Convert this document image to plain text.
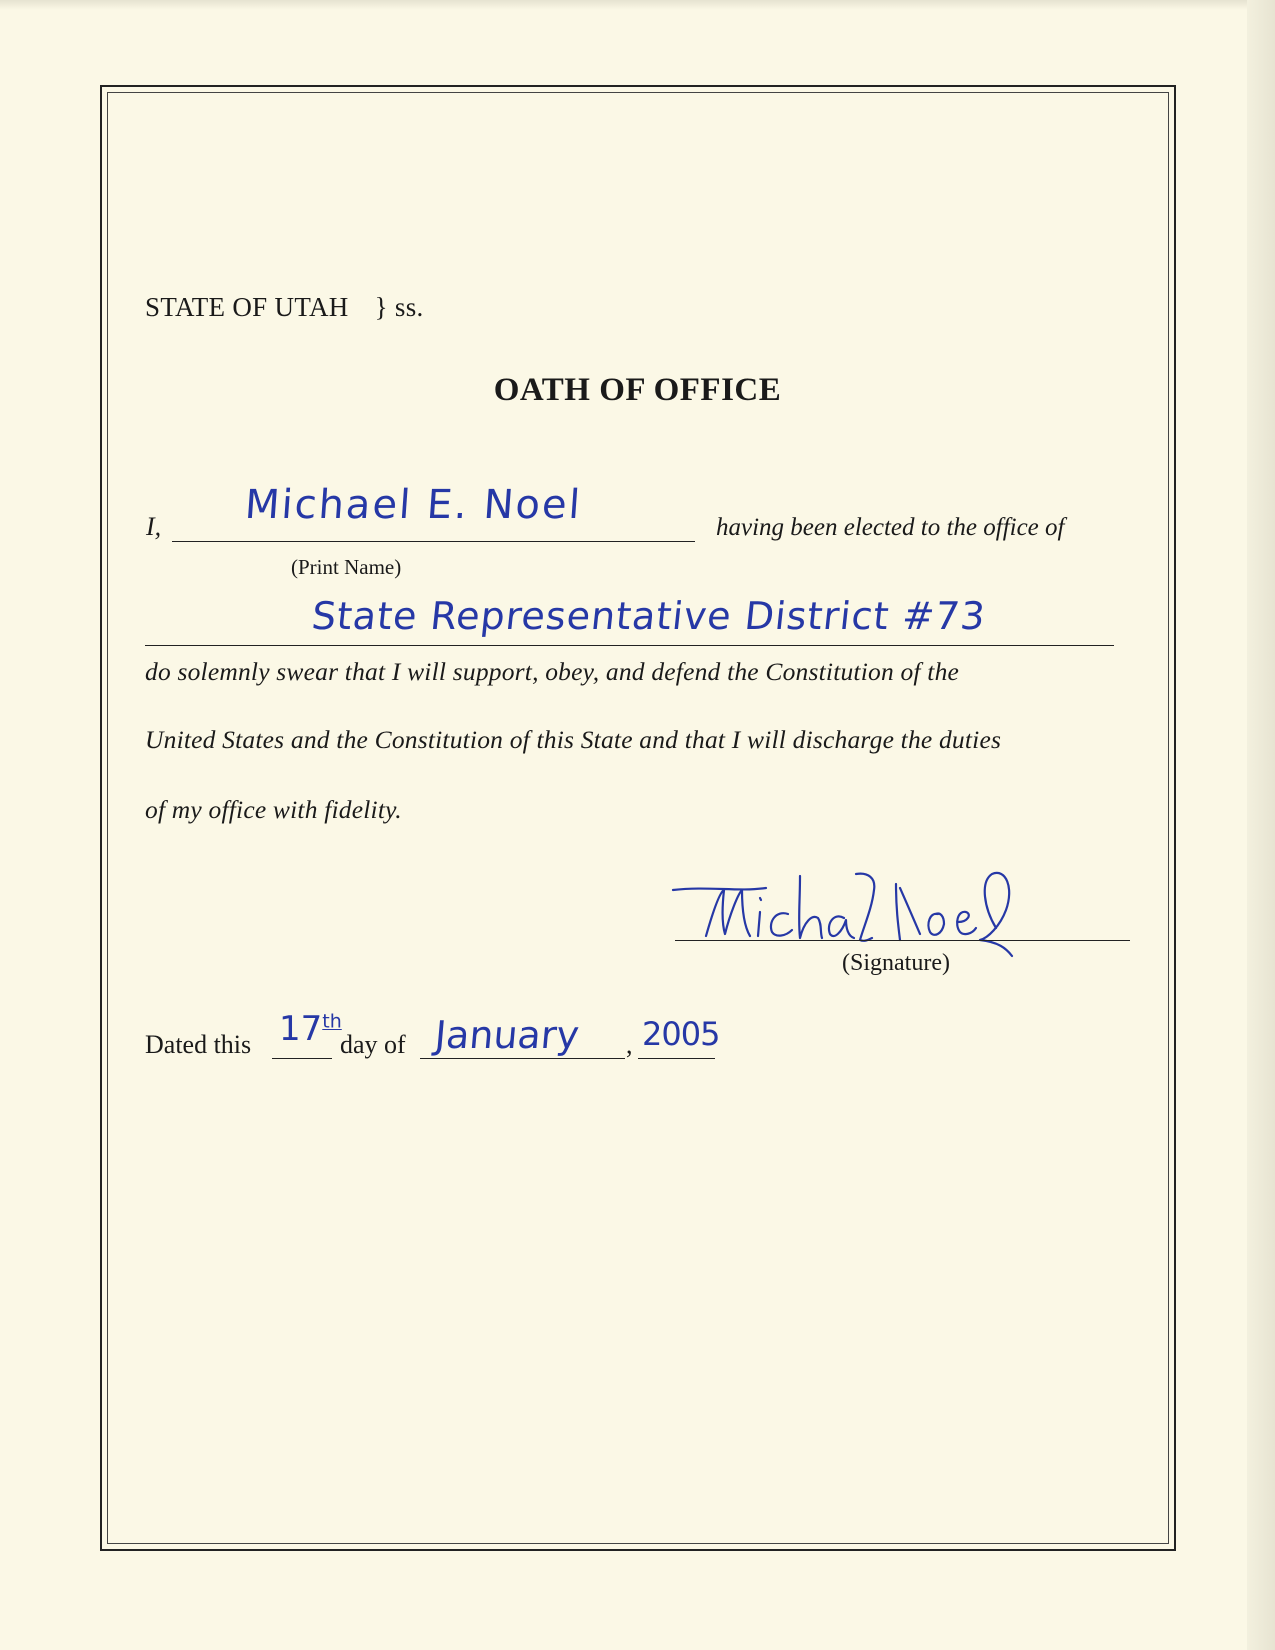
STATE OF UTAH } ss.
OATH OF OFFICE
I, Michael E. Noel	having been elected to the office of
(Print Name)
State Representative District #73
do solemnly swear that I will support, obey, and defend the Constitution of the
United States and the Constitution of this State and that I will discharge the duties
of my office with fidelity.
(Signature)
Dated this 17th
day of January , 2005
